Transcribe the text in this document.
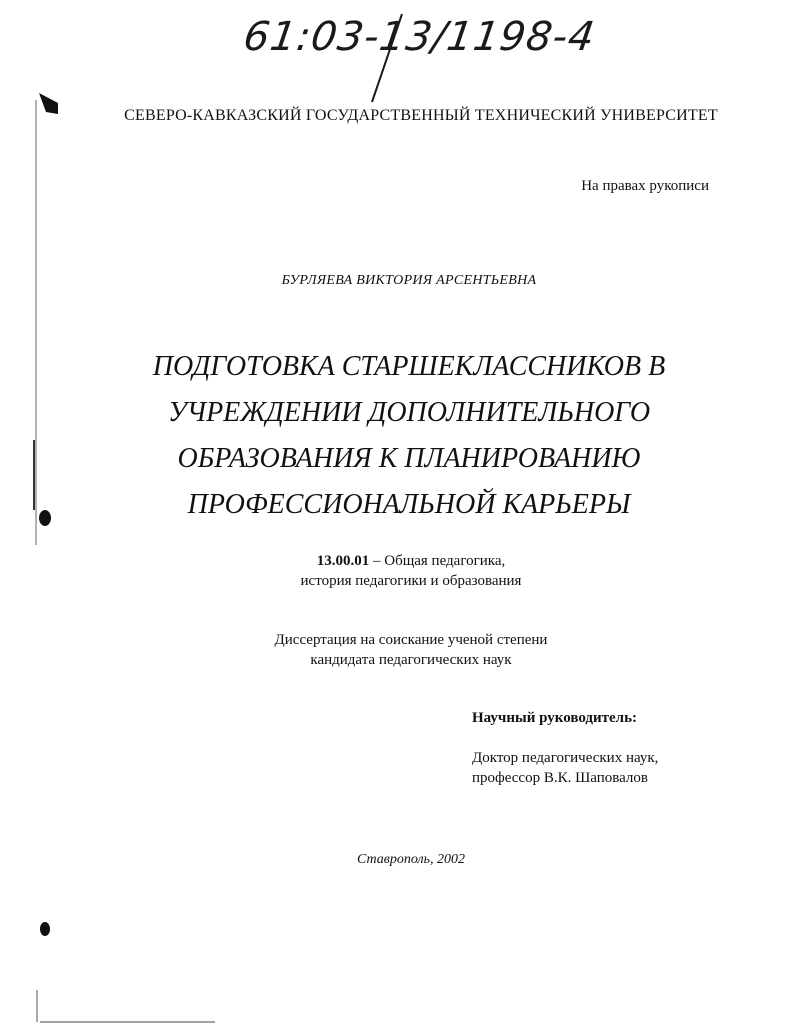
61:03-13/1198-4
СЕВЕРО-КАВКАЗСКИЙ ГОСУДАРСТВЕННЫЙ ТЕХНИЧЕСКИЙ УНИВЕРСИТЕТ
На правах рукописи
БУРЛЯЕВА ВИКТОРИЯ АРСЕНТЬЕВНА
ПОДГОТОВКА СТАРШЕКЛАССНИКОВ В
УЧРЕЖДЕНИИ ДОПОЛНИТЕЛЬНОГО
ОБРАЗОВАНИЯ К ПЛАНИРОВАНИЮ
ПРОФЕССИОНАЛЬНОЙ КАРЬЕРЫ
13.00.01 – Общая педагогика,
история педагогики и образования
Диссертация на соискание ученой степени
кандидата педагогических наук
Научный руководитель:
Доктор педагогических наук,
профессор В.К. Шаповалов
Ставрополь, 2002
